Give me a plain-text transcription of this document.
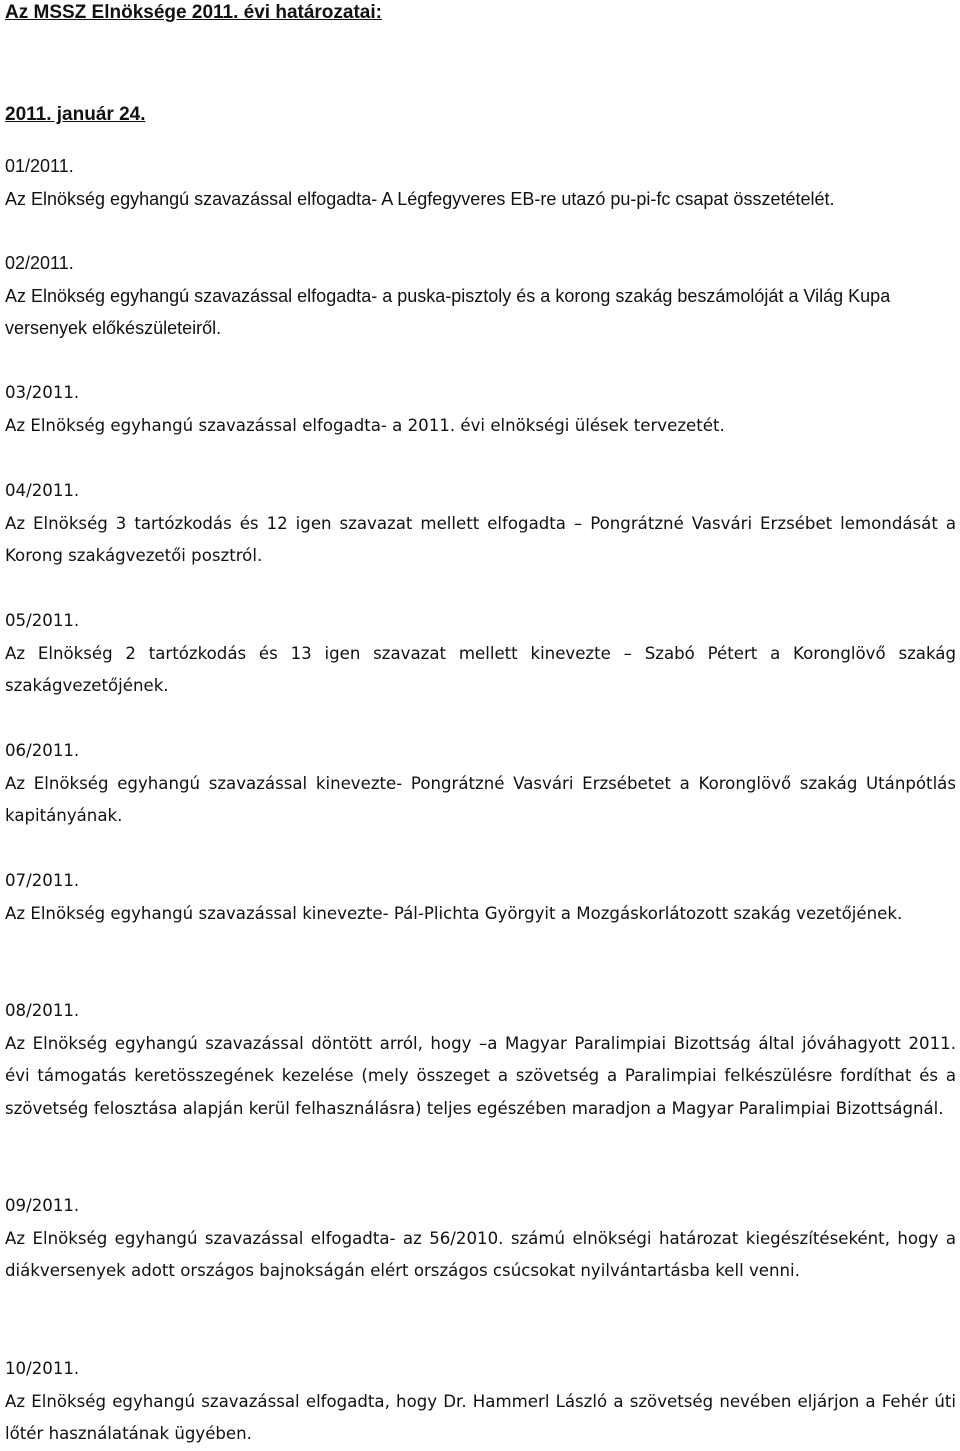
Az MSSZ Elnöksége 2011. évi határozatai:
2011. január 24.
01/2011.

Az Elnökség egyhangú szavazással elfogadta- A Légfegyveres EB-re utazó pu-pi-fc csapat összetételét.

02/2011.

Az Elnökség egyhangú szavazással elfogadta- a puska-pisztoly és a korong szakág beszámolóját a Világ Kupa versenyek előkészületeiről.

03/2011.

Az Elnökség egyhangú szavazással elfogadta- a 2011. évi elnökségi ülések tervezetét.

04/2011.

Az Elnökség 3 tartózkodás és 12 igen szavazat mellett elfogadta – Pongrátzné Vasvári Erzsébet lemondását a Korong szakágvezetői posztról.

05/2011.

Az Elnökség 2 tartózkodás és 13 igen szavazat mellett kinevezte – Szabó Pétert a Koronglövő szakág szakágvezetőjének.

06/2011.

Az Elnökség egyhangú szavazással kinevezte- Pongrátzné Vasvári Erzsébetet a Koronglövő szakág Utánpótlás kapitányának.

07/2011.

Az Elnökség egyhangú szavazással kinevezte- Pál-Plichta Györgyit a Mozgáskorlátozott szakág vezetőjének.

08/2011.

Az Elnökség egyhangú szavazással döntött arról, hogy –a Magyar Paralimpiai Bizottság által jóváhagyott 2011. évi támogatás keretösszegének kezelése (mely összeget a szövetség a Paralimpiai felkészülésre fordíthat és a szövetség felosztása alapján kerül felhasználásra) teljes egészében maradjon a Magyar Paralimpiai Bizottságnál.

09/2011.

Az Elnökség egyhangú szavazással elfogadta- az 56/2010. számú elnökségi határozat kiegészítéseként, hogy a diákversenyek adott országos bajnokságán elért országos csúcsokat nyilvántartásba kell venni.

10/2011.

Az Elnökség egyhangú szavazással elfogadta, hogy Dr. Hammerl László a szövetség nevében eljárjon a Fehér úti lőtér használatának ügyében.
